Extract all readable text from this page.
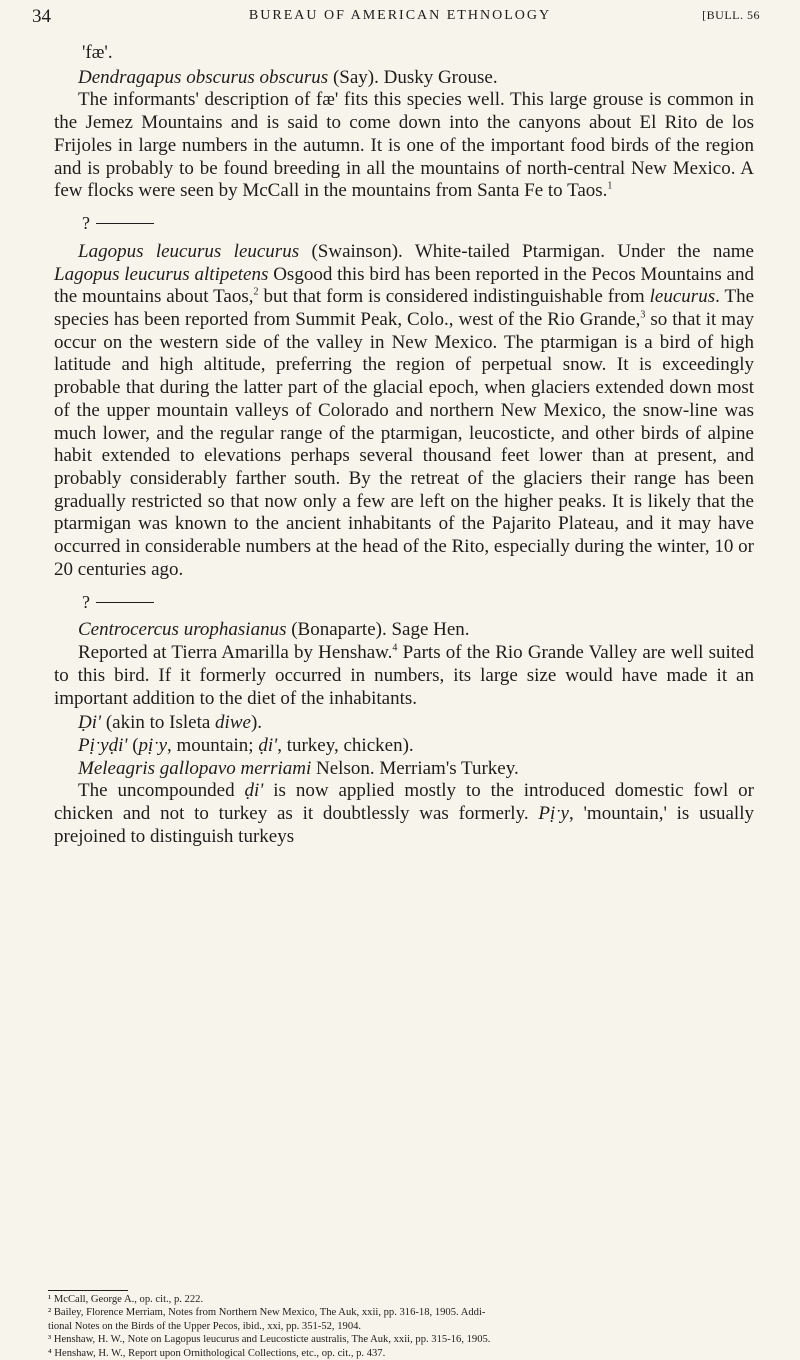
34	BUREAU OF AMERICAN ETHNOLOGY	[BULL. 56
'fæ'.

Dendragapus obscurus obscurus (Say). Dusky Grouse.

The informants' description of fæ' fits this species well. This large grouse is common in the Jemez Mountains and is said to come down into the canyons about El Rito de los Frijoles in large numbers in the autumn. It is one of the important food birds of the region and is probably to be found breeding in all the mountains of north-central New Mexico. A few flocks were seen by McCall in the mountains from Santa Fe to Taos.$^1$

?

Lagopus leucurus leucurus (Swainson). White-tailed Ptarmigan. Under the name Lagopus leucurus altipetens Osgood this bird has been reported in the Pecos Mountains and the mountains about Taos,$^2$ but that form is considered indistinguishable from leucurus. The species has been reported from Summit Peak, Colo., west of the Rio Grande,$^3$ so that it may occur on the western side of the valley in New Mexico. The ptarmigan is a bird of high latitude and high altitude, preferring the region of perpetual snow. It is exceedingly probable that during the latter part of the glacial epoch, when glaciers extended down most of the upper mountain valleys of Colorado and northern New Mexico, the snow-line was much lower, and the regular range of the ptarmigan, leucosticte, and other birds of alpine habit extended to elevations perhaps several thousand feet lower than at present, and probably considerably farther south. By the retreat of the glaciers their range has been gradually restricted so that now only a few are left on the higher peaks. It is likely that the ptarmigan was known to the ancient inhabitants of the Pajarito Plateau, and it may have occurred in considerable numbers at the head of the Rito, especially during the winter, 10 or 20 centuries ago.

?

Centrocercus urophasianus (Bonaparte). Sage Hen.

Reported at Tierra Amarilla by Henshaw.$^4$ Parts of the Rio Grande Valley are well suited to this bird. If it formerly occurred in numbers, its large size would have made it an important addition to the diet of the inhabitants.

Ḍi' (akin to Isleta diwe).

Pịˑyḍi' (pịˑy, mountain; ḍi', turkey, chicken).

Meleagris gallopavo merriami Nelson. Merriam's Turkey.

The uncompounded ḍi' is now applied mostly to the introduced domestic fowl or chicken and not to turkey as it doubtlessly was formerly. Pịˑy, 'mountain,' is usually prejoined to distinguish turkeys

¹ McCall, George A., op. cit., p. 222.
² Bailey, Florence Merriam, Notes from Northern New Mexico, The Auk, xxii, pp. 316-18, 1905. Addi-
tional Notes on the Birds of the Upper Pecos, ibid., xxi, pp. 351-52, 1904.
³ Henshaw, H. W., Note on Lagopus leucurus and Leucosticte australis, The Auk, xxii, pp. 315-16, 1905.
⁴ Henshaw, H. W., Report upon Ornithological Collections, etc., op. cit., p. 437.
